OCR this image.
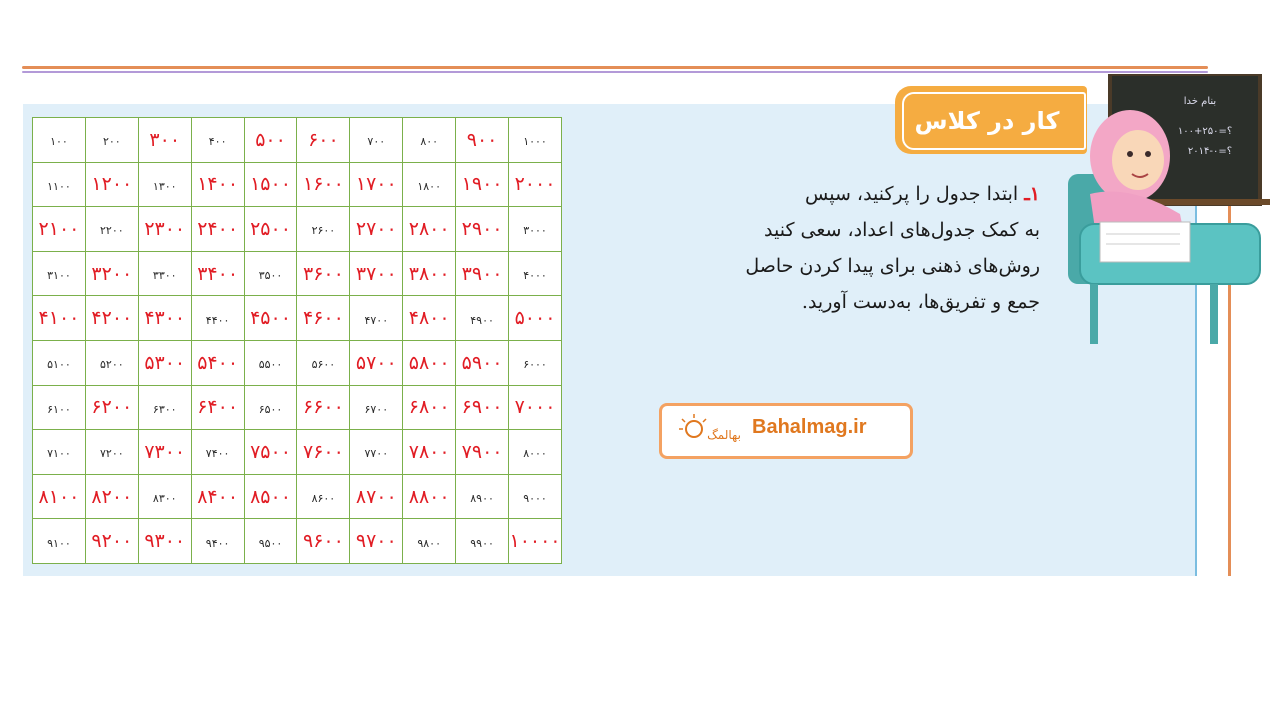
۱۰۰	۲۰۰	۳۰۰	۴۰۰	۵۰۰	۶۰۰	۷۰۰	۸۰۰	۹۰۰	۱۰۰۰
۱۱۰۰	۱۲۰۰	۱۳۰۰	۱۴۰۰	۱۵۰۰	۱۶۰۰	۱۷۰۰	۱۸۰۰	۱۹۰۰	۲۰۰۰
۲۱۰۰	۲۲۰۰	۲۳۰۰	۲۴۰۰	۲۵۰۰	۲۶۰۰	۲۷۰۰	۲۸۰۰	۲۹۰۰	۳۰۰۰
۳۱۰۰	۳۲۰۰	۳۳۰۰	۳۴۰۰	۳۵۰۰	۳۶۰۰	۳۷۰۰	۳۸۰۰	۳۹۰۰	۴۰۰۰
۴۱۰۰	۴۲۰۰	۴۳۰۰	۴۴۰۰	۴۵۰۰	۴۶۰۰	۴۷۰۰	۴۸۰۰	۴۹۰۰	۵۰۰۰
۵۱۰۰	۵۲۰۰	۵۳۰۰	۵۴۰۰	۵۵۰۰	۵۶۰۰	۵۷۰۰	۵۸۰۰	۵۹۰۰	۶۰۰۰
۶۱۰۰	۶۲۰۰	۶۳۰۰	۶۴۰۰	۶۵۰۰	۶۶۰۰	۶۷۰۰	۶۸۰۰	۶۹۰۰	۷۰۰۰
۷۱۰۰	۷۲۰۰	۷۳۰۰	۷۴۰۰	۷۵۰۰	۷۶۰۰	۷۷۰۰	۷۸۰۰	۷۹۰۰	۸۰۰۰
۸۱۰۰	۸۲۰۰	۸۳۰۰	۸۴۰۰	۸۵۰۰	۸۶۰۰	۸۷۰۰	۸۸۰۰	۸۹۰۰	۹۰۰۰
۹۱۰۰	۹۲۰۰	۹۳۰۰	۹۴۰۰	۹۵۰۰	۹۶۰۰	۹۷۰۰	۹۸۰۰	۹۹۰۰	۱۰۰۰۰
بنام خدا
۱۰۰+۲۵۰=؟
۲۰۱۴-۰=؟
کار در کلاس
۱ـ ابتدا جدول را پرکنید، سپس
به کمک جدول‌های اعداد، سعی کنید
روش‌های ذهنی برای پیدا کردن حاصل
جمع و تفریق‌ها، به‌دست آورید.
بهالمگ Bahalmag.ir
